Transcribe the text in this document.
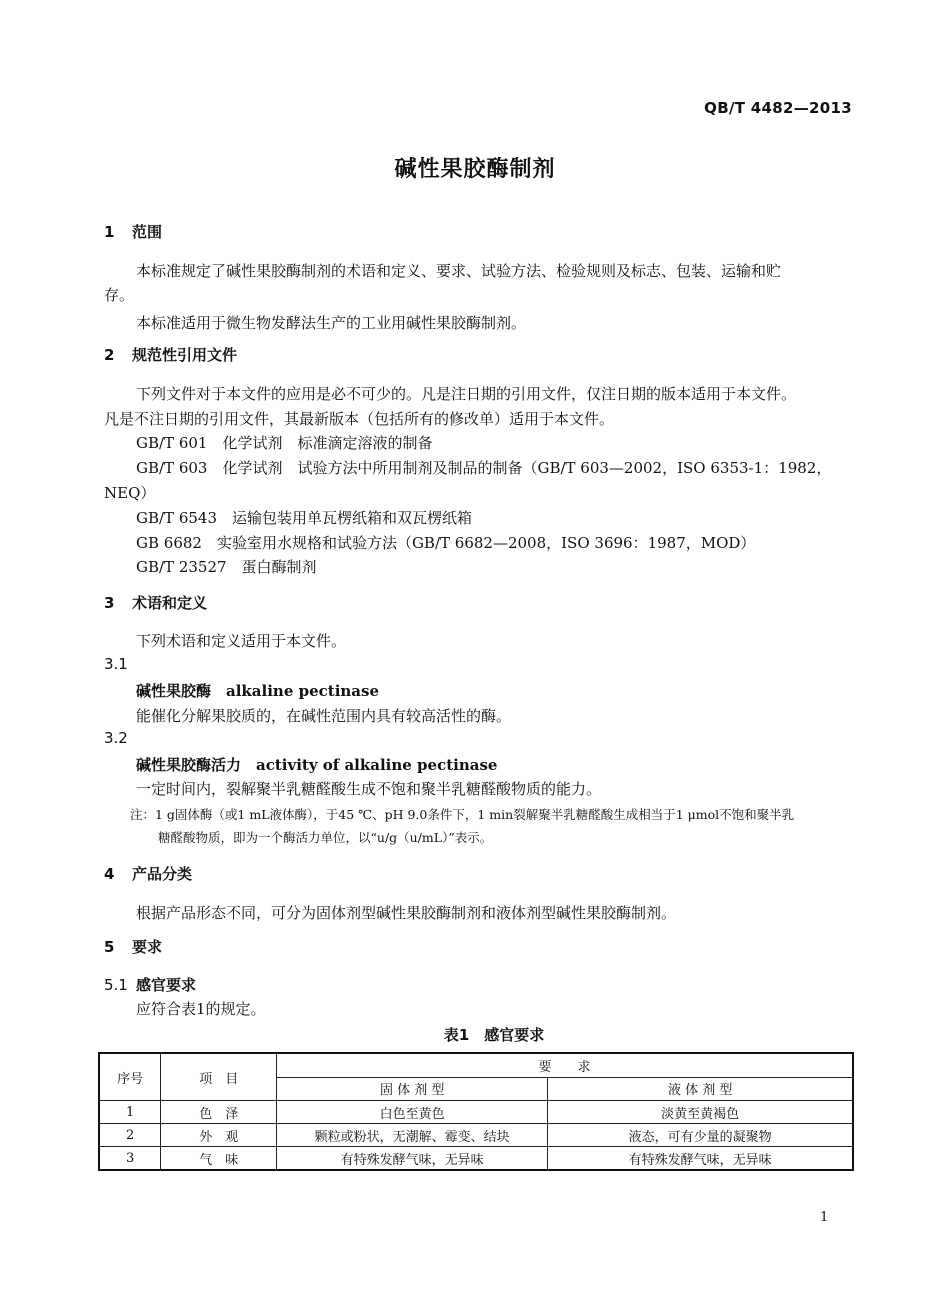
QB/T 4482—2013
碱性果胶酶制剂
1 范围
本标准规定了碱性果胶酶制剂的术语和定义、要求、试验方法、检验规则及标志、包装、运输和贮
存。
本标准适用于微生物发酵法生产的工业用碱性果胶酶制剂。
2 规范性引用文件
下列文件对于本文件的应用是必不可少的。凡是注日期的引用文件，仅注日期的版本适用于本文件。
凡是不注日期的引用文件，其最新版本（包括所有的修改单）适用于本文件。
GB/T 601　化学试剂　标准滴定溶液的制备
GB/T 603　化学试剂　试验方法中所用制剂及制品的制备（GB/T 603—2002，ISO 6353-1：1982，
NEQ）
GB/T 6543　运输包装用单瓦楞纸箱和双瓦楞纸箱
GB 6682　实验室用水规格和试验方法（GB/T 6682—2008，ISO 3696：1987，MOD）
GB/T 23527　蛋白酶制剂
3 术语和定义
下列术语和定义适用于本文件。
3.1
碱性果胶酶　alkaline pectinase
能催化分解果胶质的，在碱性范围内具有较高活性的酶。
3.2
碱性果胶酶活力　activity of alkaline pectinase
一定时间内，裂解聚半乳糖醛酸生成不饱和聚半乳糖醛酸物质的能力。
注：1 g固体酶（或1 mL液体酶），于45 ℃、pH 9.0条件下，1 min裂解聚半乳糖醛酸生成相当于1 μmol不饱和聚半乳
糖醛酸物质，即为一个酶活力单位，以“u/g（u/mL）”表示。
4 产品分类
根据产品形态不同，可分为固体剂型碱性果胶酶制剂和液体剂型碱性果胶酶制剂。
5 要求
5.1 感官要求
应符合表1的规定。
表1　感官要求
序号	项　目	要　　求	
		固 体 剂 型	液 体 剂 型
1	色　泽	白色至黄色	淡黄至黄褐色
2	外　观	颗粒或粉状，无潮解、霉变、结块	液态，可有少量的凝聚物
3	气　味	有特殊发酵气味，无异味	有特殊发酵气味，无异味
1
